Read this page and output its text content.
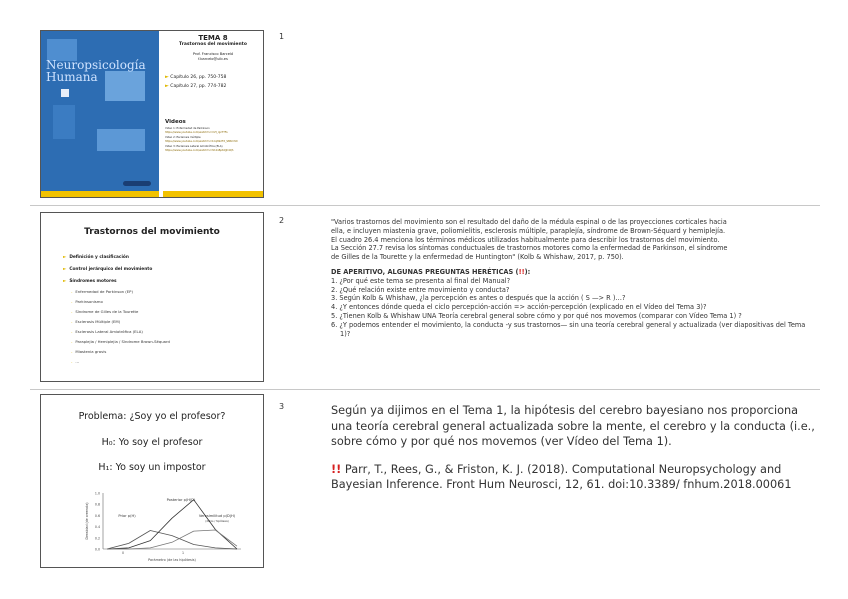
Neuropsicología Humana
TEMA 8
Trastornos del movimiento
Prof. Francisco Barceló
f.barcelo@uib.es
► Capítulo 26, pp. 750-758
► Capítulo 27, pp. 774-782
Videos
Video 1: Enfermedad de Parkinson
https://www.youtube.com/watch?v=mH_nJz7TFs
Video 2: Esclerosis múltiple
https://www.youtube.com/watch?v=1Cq8k2Fd_S8ItmhD
Video 3: Esclerosis Lateral Amiotrófica (ELA)
https://www.youtube.com/watch?v=hh4nBp6Qjh4Qh
1
Trastornos del movimiento
► Definición y clasificación
► Control jerárquico del movimiento
► Síndromes motores
- Enfermedad de Parkinson (EP)
- Parkinsonismo
- Síndrome de Gilles de la Tourette
- Esclerosis Múltiple (EM)
- Esclerosis Lateral Amiotrófica (ELA)
- Paraplejia / Hemiplejia / Síndrome Brown-Séquard
- Miastenia gravis
- ...
2	"Varios trastornos del movimiento son el resultado del daño de la médula espinal o de las proyecciones corticales hacia

ella, e incluyen miastenia grave, poliomielitis, esclerosis múltiple, paraplejía, síndrome de Brown-Séquard y hemiplejía.

El cuadro 26.4 menciona los términos médicos utilizados habitualmente para describir los trastornos del movimiento.

La Sección 27.7 revisa los síntomas conductuales de trastornos motores como la enfermedad de Parkinson, el síndrome

de Gilles de la Tourette y la enfermedad de Huntington" (Kolb & Whishaw, 2017, p. 750).

DE APERITIVO, ALGUNAS PREGUNTAS HERÉTICAS (!!):

1. ¿Por qué este tema se presenta al final del Manual?

2. ¿Qué relación existe entre movimiento y conducta?

3. Según Kolb & Whishaw, ¿la percepción es antes o después que la acción ( S —> R )…?

4. ¿Y entonces dónde queda el ciclo percepción-acción => acción-percepción (explicado en el Vídeo del Tema 3)?

5. ¿Tienen Kolb & Whishaw UNA Teoría cerebral general sobre cómo y por qué nos movemos (comparar con Vídeo Tema 1) ?

6. ¿Y podemos entender el movimiento, la conducta -y sus trastornos— sin una teoría cerebral general y actualizada (ver diapositivas del Tema 1)?

Problema: ¿Soy yo el profesor?
H₀: Yo soy el profesor
H₁: Yo soy un impostor
1.0
0.8
0.6
0.4
0.2
0.0
0	1
Densidad (de creencia)
Parámetro (de las hipótesis)
Prior p(H)
Posterior p(H|D)
Verosimilitud p(D|H)
(datos / hipótesis)
3	Según ya dijimos en el Tema 1, la hipótesis del cerebro bayesiano nos proporciona una teoría cerebral general actualizada sobre la mente, el cerebro y la conducta (i.e., sobre cómo y por qué nos movemos (ver Vídeo del Tema 1).

!! Parr, T., Rees, G., & Friston, K. J. (2018). Computational Neuropsychology and Bayesian Inference. Front Hum Neurosci, 12, 61. doi:10.3389/ fnhum.2018.00061
